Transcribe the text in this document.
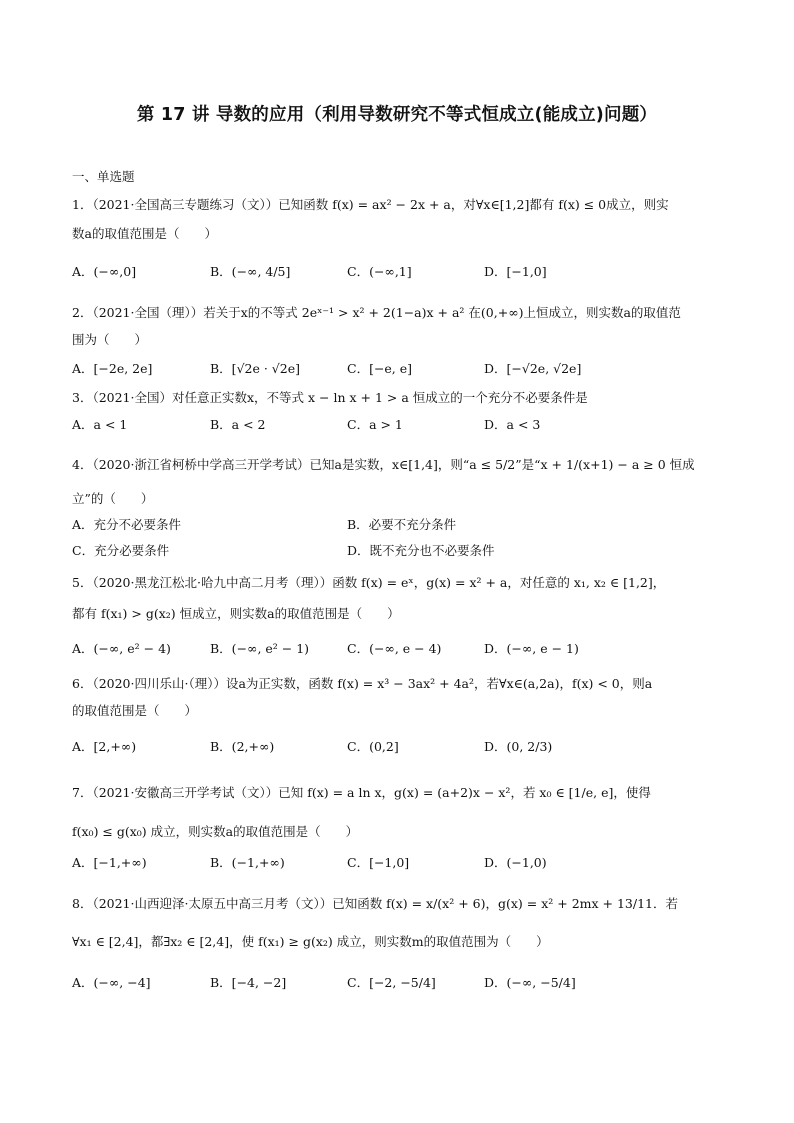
第 17 讲 导数的应用（利用导数研究不等式恒成立(能成立)问题）
一、单选题
1．（2021·全国高三专题练习（文））已知函数 f(x) = ax² − 2x + a，对∀x∈[1,2]都有 f(x) ≤ 0成立，则实
数a的取值范围是（　　）
A．(−∞,0]	B．(−∞, 4/5]	C．(−∞,1]	D．[−1,0]
2．（2021·全国（理））若关于x的不等式 2eˣ⁻¹ > x² + 2(1−a)x + a² 在(0,+∞)上恒成立，则实数a的取值范
围为（　　）
A．[−2e, 2e]	B．[√2e · √2e]	C．[−e, e]	D．[−√2e, √2e]
3．（2021·全国）对任意正实数x，不等式 x − ln x + 1 > a 恒成立的一个充分不必要条件是
A．a < 1	B．a < 2	C．a > 1	D．a < 3
4．（2020·浙江省柯桥中学高三开学考试）已知a是实数，x∈[1,4]，则“a ≤ 5/2”是“x + 1/(x+1) − a ≥ 0 恒成
立”的（　　）
A．充分不必要条件	B．必要不充分条件
C．充分必要条件	D．既不充分也不必要条件
5．（2020·黑龙江松北·哈九中高二月考（理））函数 f(x) = eˣ，g(x) = x² + a，对任意的 x₁, x₂ ∈ [1,2]，
都有 f(x₁) > g(x₂) 恒成立，则实数a的取值范围是（　　）
A．(−∞, e² − 4)	B．(−∞, e² − 1)	C．(−∞, e − 4)	D．(−∞, e − 1)
6．（2020·四川乐山·（理））设a为正实数，函数 f(x) = x³ − 3ax² + 4a²，若∀x∈(a,2a)，f(x) < 0，则a
的取值范围是（　　）
A．[2,+∞)	B．(2,+∞)	C．(0,2]	D．(0, 2/3)
7．（2021·安徽高三开学考试（文））已知 f(x) = a ln x，g(x) = (a+2)x − x²，若 x₀ ∈ [1/e, e]，使得
f(x₀) ≤ g(x₀) 成立，则实数a的取值范围是（　　）
A．[−1,+∞)	B．(−1,+∞)	C．[−1,0]	D．(−1,0)
8．（2021·山西迎泽·太原五中高三月考（文））已知函数 f(x) = x/(x² + 6)，g(x) = x² + 2mx + 13/11．若
∀x₁ ∈ [2,4]，都∃x₂ ∈ [2,4]，使 f(x₁) ≥ g(x₂) 成立，则实数m的取值范围为（　　）
A．(−∞, −4]	B．[−4, −2]	C．[−2, −5/4]	D．(−∞, −5/4]
